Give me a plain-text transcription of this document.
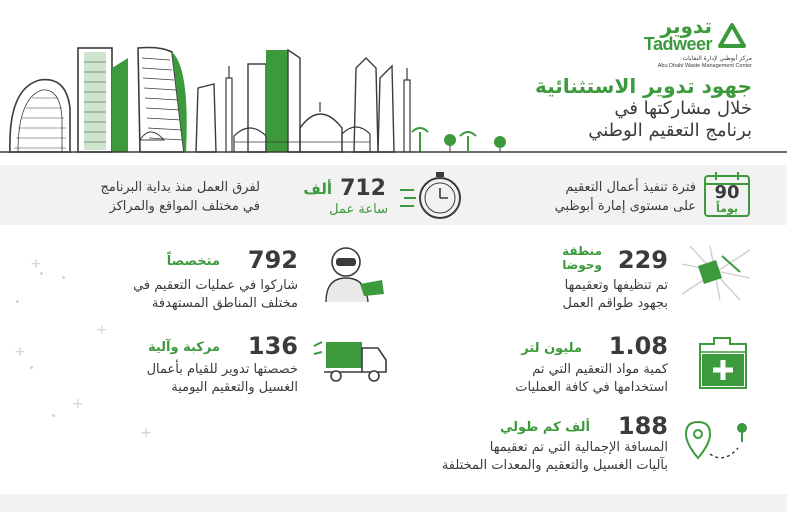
تدوير
Tadweer
مركز أبوظبي لإدارة النفايات
Abu Dhabi Waste Management Center
جهود تدوير الاستثنائية
خلال مشاركتها في
برنامج التعقيم الوطني
90
يوماً
فترة تنفيذ أعمال التعقيم
على مستوى إمارة أبوظبي
712
ألف
ساعة عمل
لفرق العمل منذ بداية البرنامج
في مختلف المواقع والمراكز
+
+
+
+
+
229
منطقة
وحوضا
تم تنظيفها وتعقيمها
بجهود طواقم العمل
792
متخصصاً
شاركوا في عمليات التعقيم في
مختلف المناطق المستهدفة
1.08
مليون لتر
كمية مواد التعقيم التي تم
استخدامها في كافة العمليات
136
مركبة وآلية
خصصتها تدوير للقيام بأعمال
الغسيل والتعقيم اليومية
188
ألف كم طولي
المسافة الإجمالية التي تم تعقيمها
بآليات الغسيل والتعقيم والمعدات المختلفة
